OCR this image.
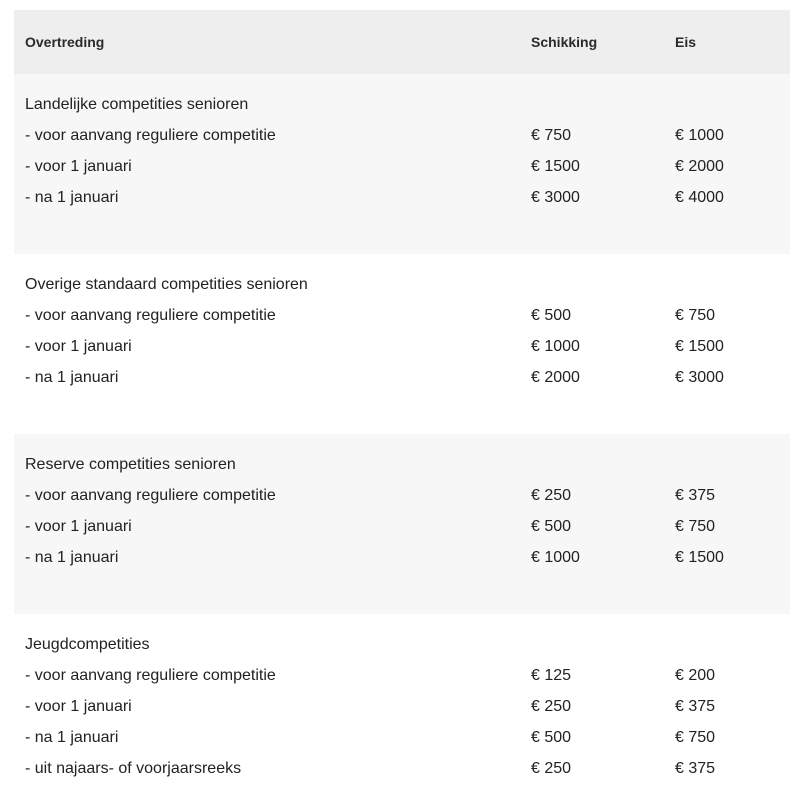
Overtreding	Schikking	Eis
Landelijke competities senioren
- voor aanvang reguliere competitie	€ 750	€ 1000
- voor 1 januari	€ 1500	€ 2000
- na 1 januari	€ 3000	€ 4000
Overige standaard competities senioren
- voor aanvang reguliere competitie	€ 500	€ 750
- voor 1 januari	€ 1000	€ 1500
- na 1 januari	€ 2000	€ 3000
Reserve competities senioren
- voor aanvang reguliere competitie	€ 250	€ 375
- voor 1 januari	€ 500	€ 750
- na 1 januari	€ 1000	€ 1500
Jeugdcompetities
- voor aanvang reguliere competitie	€ 125	€ 200
- voor 1 januari	€ 250	€ 375
- na 1 januari	€ 500	€ 750
- uit najaars- of voorjaarsreeks	€ 250	€ 375
